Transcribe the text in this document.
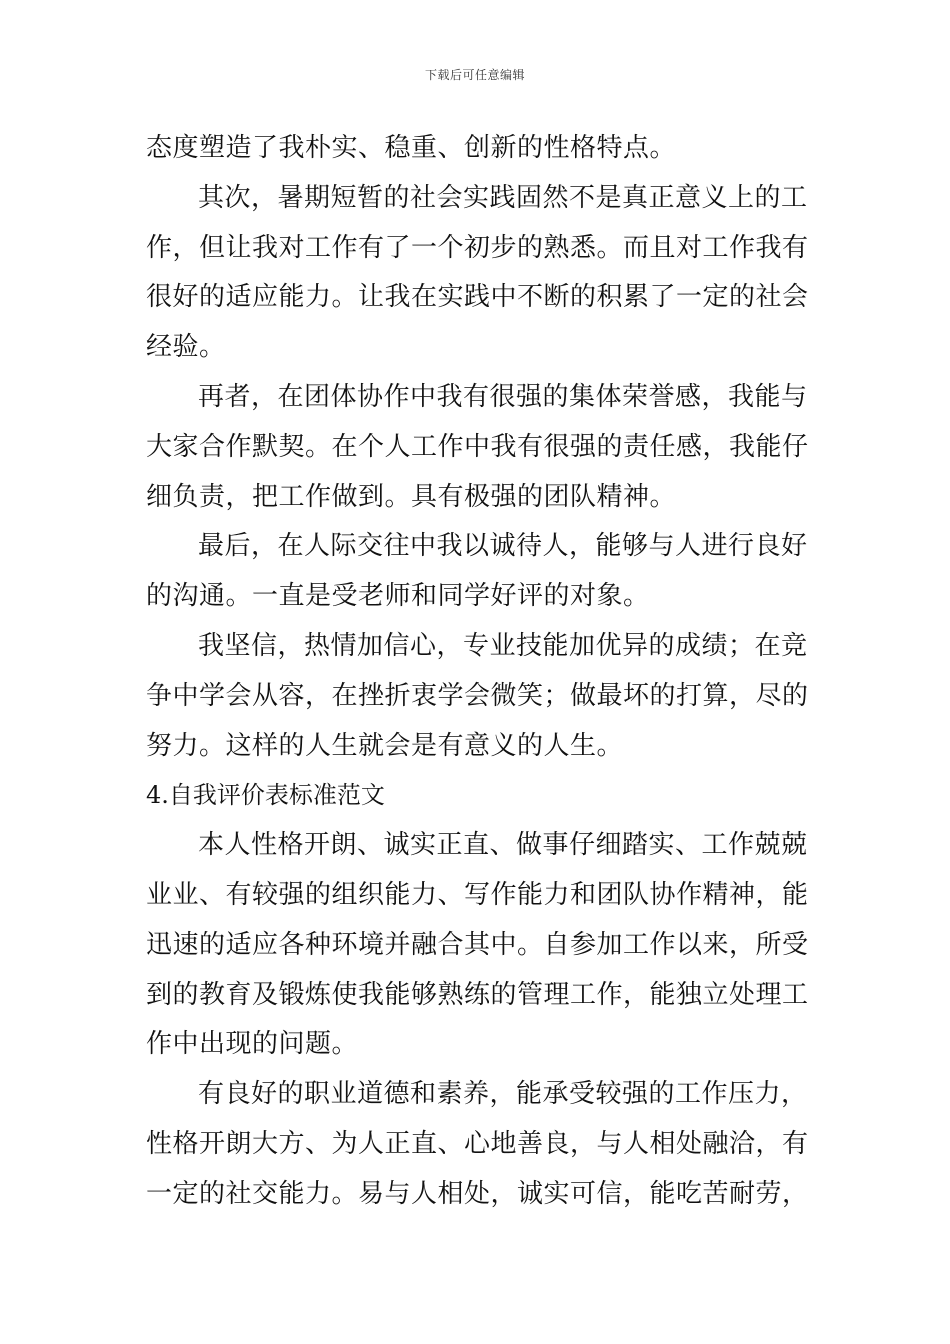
下载后可任意编辑
态度塑造了我朴实、稳重、创新的性格特点。
其次，暑期短暂的社会实践固然不是真正意义上的工
作，但让我对工作有了一个初步的熟悉。而且对工作我有
很好的适应能力。让我在实践中不断的积累了一定的社会
经验。
再者，在团体协作中我有很强的集体荣誉感，我能与
大家合作默契。在个人工作中我有很强的责任感，我能仔
细负责，把工作做到。具有极强的团队精神。
最后，在人际交往中我以诚待人，能够与人进行良好
的沟通。一直是受老师和同学好评的对象。
我坚信，热情加信心，专业技能加优异的成绩；在竞
争中学会从容，在挫折衷学会微笑；做最坏的打算，尽的
努力。这样的人生就会是有意义的人生。
4.自我评价表标准范文
本人性格开朗、诚实正直、做事仔细踏实、工作兢兢
业业、有较强的组织能力、写作能力和团队协作精神，能
迅速的适应各种环境并融合其中。自参加工作以来，所受
到的教育及锻炼使我能够熟练的管理工作，能独立处理工
作中出现的问题。
有良好的职业道德和素养，能承受较强的工作压力，
性格开朗大方、为人正直、心地善良，与人相处融洽，有
一定的社交能力。易与人相处，诚实可信，能吃苦耐劳，
